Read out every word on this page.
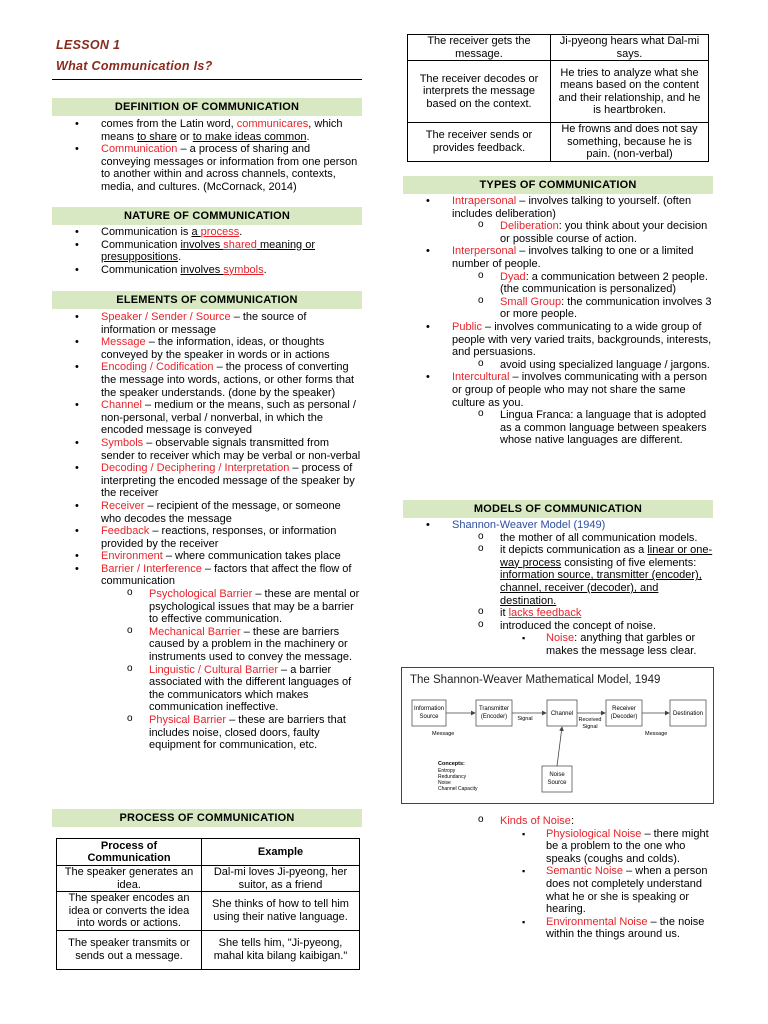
LESSON 1
What Communication Is?
DEFINITION OF COMMUNICATION
• comes from the Latin word, communicares, which means to share or to make ideas common.
• Communication – a process of sharing and conveying messages or information from one person to another within and across channels, contexts, media, and cultures. (McCornack, 2014)
NATURE OF COMMUNICATION
• Communication is a process.
• Communication involves shared meaning or presuppositions.
• Communication involves symbols.
ELEMENTS OF COMMUNICATION
• Speaker / Sender / Source – the source of information or message
• Message – the information, ideas, or thoughts conveyed by the speaker in words or in actions
• Encoding / Codification – the process of converting the message into words, actions, or other forms that the speaker understands. (done by the speaker)
• Channel – medium or the means, such as personal / non-personal, verbal / nonverbal, in which the encoded message is conveyed
• Symbols – observable signals transmitted from sender to receiver which may be verbal or non-verbal
• Decoding / Deciphering / Interpretation – process of interpreting the encoded message of the speaker by the receiver
• Receiver – recipient of the message, or someone who decodes the message
• Feedback – reactions, responses, or information provided by the receiver
• Environment – where communication takes place
• Barrier / Interference – factors that affect the flow of communication
o Psychological Barrier – these are mental or psychological issues that may be a barrier to effective communication.
o Mechanical Barrier – these are barriers caused by a problem in the machinery or instruments used to convey the message.
o Linguistic / Cultural Barrier – a barrier associated with the different languages of the communicators which makes communication ineffective.
o Physical Barrier – these are barriers that includes noise, closed doors, faulty equipment for communication, etc.
PROCESS OF COMMUNICATION
Process of Communication	Example
The speaker generates an idea.	Dal-mi loves Ji-pyeong, her suitor, as a friend
The speaker encodes an idea or converts the idea into words or actions.	She thinks of how to tell him using their native language.
The speaker transmits or sends out a message.	She tells him, "Ji-pyeong, mahal kita bilang kaibigan."
The receiver gets the message.	Ji-pyeong hears what Dal-mi says.
The receiver decodes or interprets the message based on the context.	He tries to analyze what she means based on the content and their relationship, and he is heartbroken.
The receiver sends or provides feedback.	He frowns and does not say something, because he is pain. (non-verbal)
TYPES OF COMMUNICATION
• Intrapersonal – involves talking to yourself. (often includes deliberation)
o Deliberation: you think about your decision or possible course of action.
• Interpersonal – involves talking to one or a limited number of people.
o Dyad: a communication between 2 people. (the communication is personalized)
o Small Group: the communication involves 3 or more people.
• Public – involves communicating to a wide group of people with very varied traits, backgrounds, interests, and persuasions.
o avoid using specialized language / jargons.
• Intercultural – involves communicating with a person or group of people who may not share the same culture as you.
o Lingua Franca: a language that is adopted as a common language between speakers whose native languages are different.
MODELS OF COMMUNICATION
• Shannon-Weaver Model (1949)
o the mother of all communication models.
o it depicts communication as a linear or one-way process consisting of five elements: information source, transmitter (encoder), channel, receiver (decoder), and destination.
o it lacks feedback
o introduced the concept of noise.
▪ Noise: anything that garbles or makes the message less clear.
The Shannon-Weaver Mathematical Model, 1949
Information
Source
Transmitter
(Encoder)	Channel
Receiver
(Decoder)	Destination
Noise
Source
Signal	Received
Signal
Message	Message
Concepts:
Entropy
Redundancy
Noise
Channel Capacity
o Kinds of Noise:
▪ Physiological Noise – there might be a problem to the one who speaks (coughs and colds).
▪ Semantic Noise – when a person does not completely understand what he or she is speaking or hearing.
▪ Environmental Noise – the noise within the things around us.
